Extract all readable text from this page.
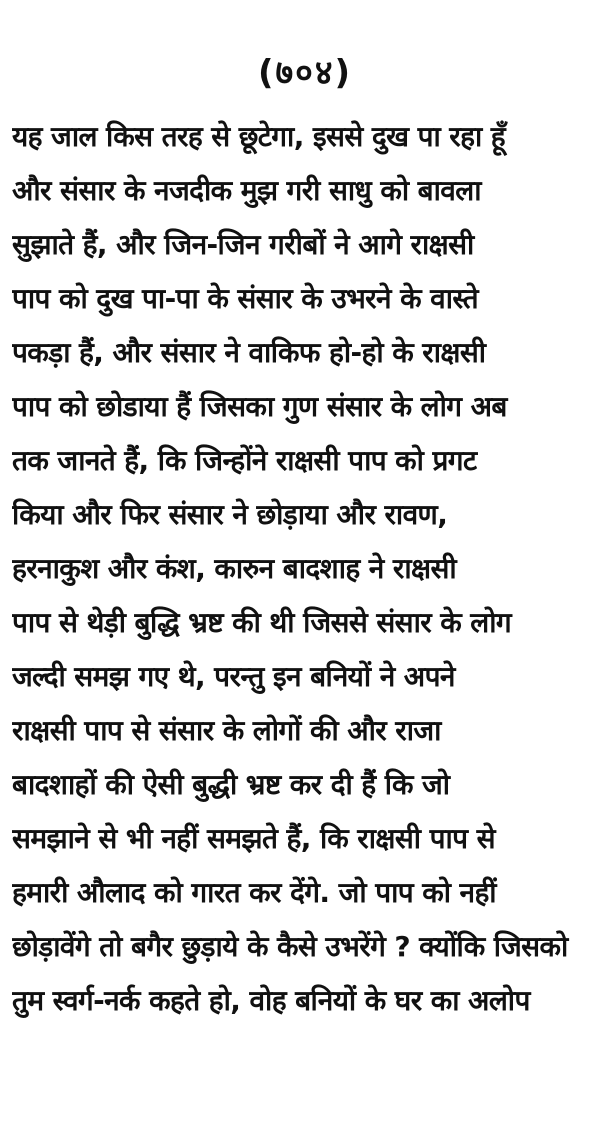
(७०४)
यह जाल किस तरह से छूटेगा, इससे दुख पा रहा हूँ
और संसार के नजदीक मुझ गरी साधु को बावला
सुझाते हैं, और जिन-जिन गरीबों ने आगे राक्षसी
पाप को दुख पा-पा के संसार के उभरने के वास्ते
पकड़ा हैं, और संसार ने वाकिफ हो-हो के राक्षसी
पाप को छोडाया हैं जिसका गुण संसार के लोग अब
तक जानते हैं, कि जिन्होंने राक्षसी पाप को प्रगट
किया और फिर संसार ने छोड़ाया और रावण,
हरनाकुश और कंश, कारुन बादशाह ने राक्षसी
पाप से थेड़ी बुद्धि भ्रष्ट की थी जिससे संसार के लोग
जल्दी समझ गए थे, परन्तु इन बनियों ने अपने
राक्षसी पाप से संसार के लोगों की और राजा
बादशाहों की ऐसी बुद्धी भ्रष्ट कर दी हैं कि जो
समझाने से भी नहीं समझते हैं, कि राक्षसी पाप से
हमारी औलाद को गारत कर देंगे. जो पाप को नहीं
छोड़ावेंगे तो बगैर छुड़ाये के कैसे उभरेंगे ? क्योंकि जिसको
तुम स्वर्ग-नर्क कहते हो, वोह बनियों के घर का अलोप
